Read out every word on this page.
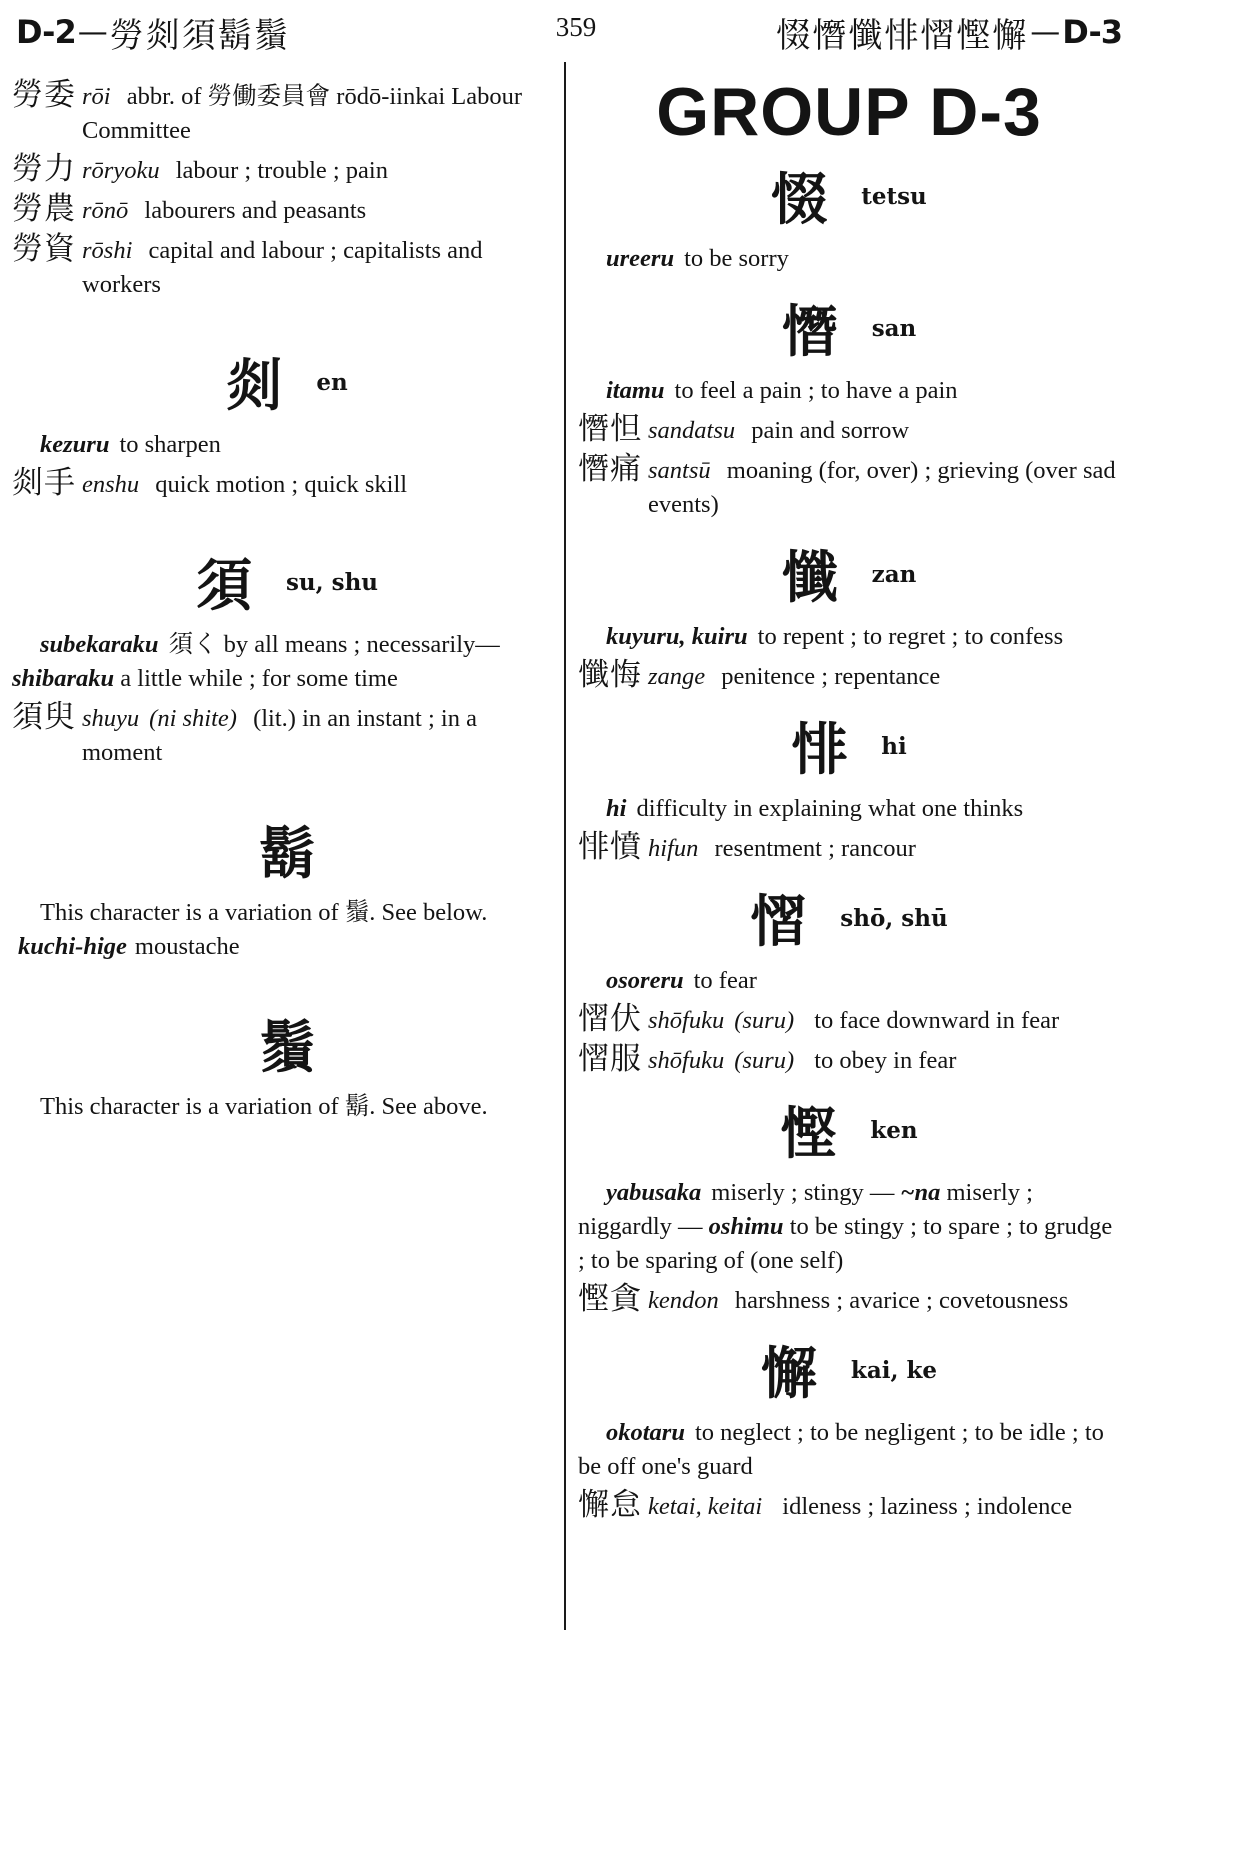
D-2 — 勞剡須鬍鬚	359	惙憯懺悱慴慳懈 — D-3
勞委 rōi abbr. of 勞働委員會 rōdō-iinkai Labour Committee
勞力 rōryoku labour ; trouble ; pain
勞農 rōnō labourers and peasants
勞資 rōshi capital and labour ; capitalists and workers
剡 en
kezuru to sharpen
剡手 enshu quick motion ; quick skill
須 su, shu
subekaraku 須く by all means ; necessarily—shibaraku a little while ; for some time
須臾 shuyu (ni shite) (lit.) in an instant ; in a moment
鬍
This character is a variation of 鬚. See below. kuchi-hige moustache
鬚
This character is a variation of 鬍. See above.
GROUP D-3
惙 tetsu
ureeru to be sorry
憯 san
itamu to feel a pain ; to have a pain
憯怛 sandatsu pain and sorrow
憯痛 santsū moaning (for, over) ; grieving (over sad events)
懺 zan
kuyuru, kuiru to repent ; to regret ; to confess
懺悔 zange penitence ; repentance
悱 hi
hi difficulty in explaining what one thinks
悱憤 hifun resentment ; rancour
慴 shō, shū
osoreru to fear
慴伏 shōfuku (suru) to face downward in fear
慴服 shōfuku (suru) to obey in fear
慳 ken
yabusaka miserly ; stingy — ~na miserly ; niggardly — oshimu to be stingy ; to spare ; to grudge ; to be sparing of (one self)
慳貪 kendon harshness ; avarice ; covetousness
懈 kai, ke
okotaru to neglect ; to be negligent ; to be idle ; to be off one's guard
懈怠 ketai, keitai idleness ; laziness ; indolence
